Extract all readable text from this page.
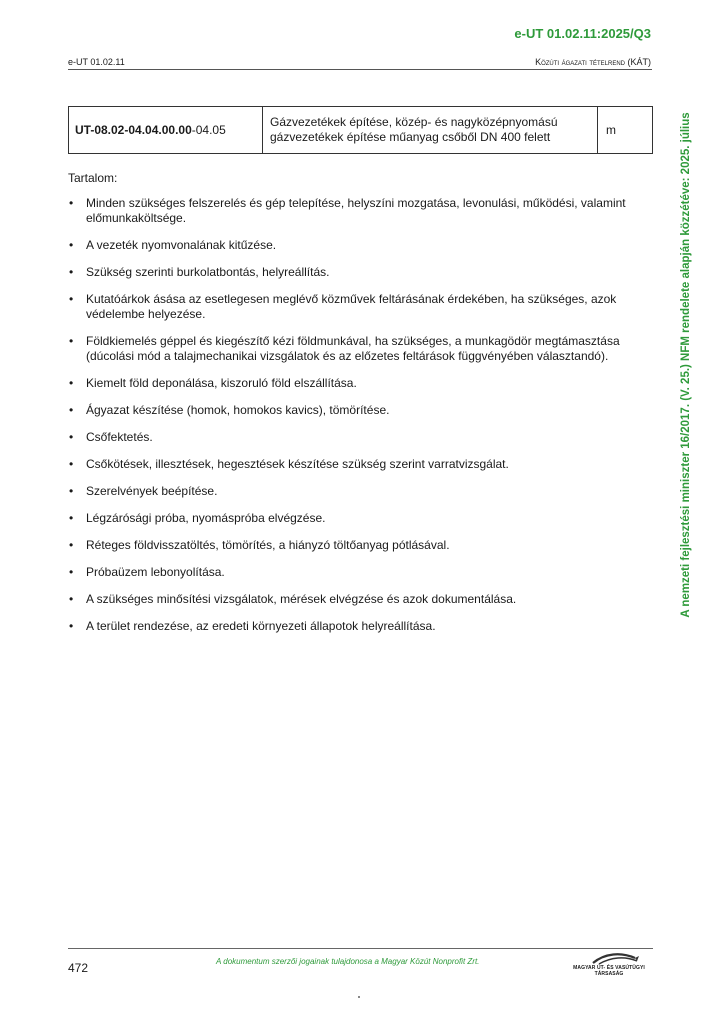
e-UT 01.02.11:2025/Q3
e-UT 01.02.11	Közúti ágazati tételrend (KÁT)
UT-08.02-04.04.00.00-04.05	Gázvezetékek építése, közép- és nagyközépnyomású gázvezetékek építése műanyag csőből DN 400 felett	m
Tartalom:
• Minden szükséges felszerelés és gép telepítése, helyszíni mozgatása, levonulási, működési, valamint előmunkaköltsége.
• A vezeték nyomvonalának kitűzése.
• Szükség szerinti burkolatbontás, helyreállítás.
• Kutatóárkok ásása az esetlegesen meglévő közművek feltárásának érdekében, ha szükséges, azok védelembe helyezése.
• Földkiemelés géppel és kiegészítő kézi földmunkával, ha szükséges, a munkagödör megtámasztása (dúcolási mód a talajmechanikai vizsgálatok és az előzetes feltárások függvényében választandó).
• Kiemelt föld deponálása, kiszoruló föld elszállítása.
• Ágyazat készítése (homok, homokos kavics), tömörítése.
• Csőfektetés.
• Csőkötések, illesztések, hegesztések készítése szükség szerint varratvizsgálat.
• Szerelvények beépítése.
• Légzárósági próba, nyomáspróba elvégzése.
• Réteges földvisszatöltés, tömörítés, a hiányzó töltőanyag pótlásával.
• Próbaüzem lebonyolítása.
• A szükséges minősítési vizsgálatok, mérések elvégzése és azok dokumentálása.
• A terület rendezése, az eredeti környezeti állapotok helyreállítása.
A nemzeti fejlesztési miniszter 16/2017. (V. 25.) NFM rendelete alapján közzétéve: 2025. július
472	A dokumentum szerzői jogainak tulajdonosa a Magyar Közút Nonprofit Zrt.
MAGYAR ÚT- ÉS VASÚTÜGYI TÁRSASÁG
